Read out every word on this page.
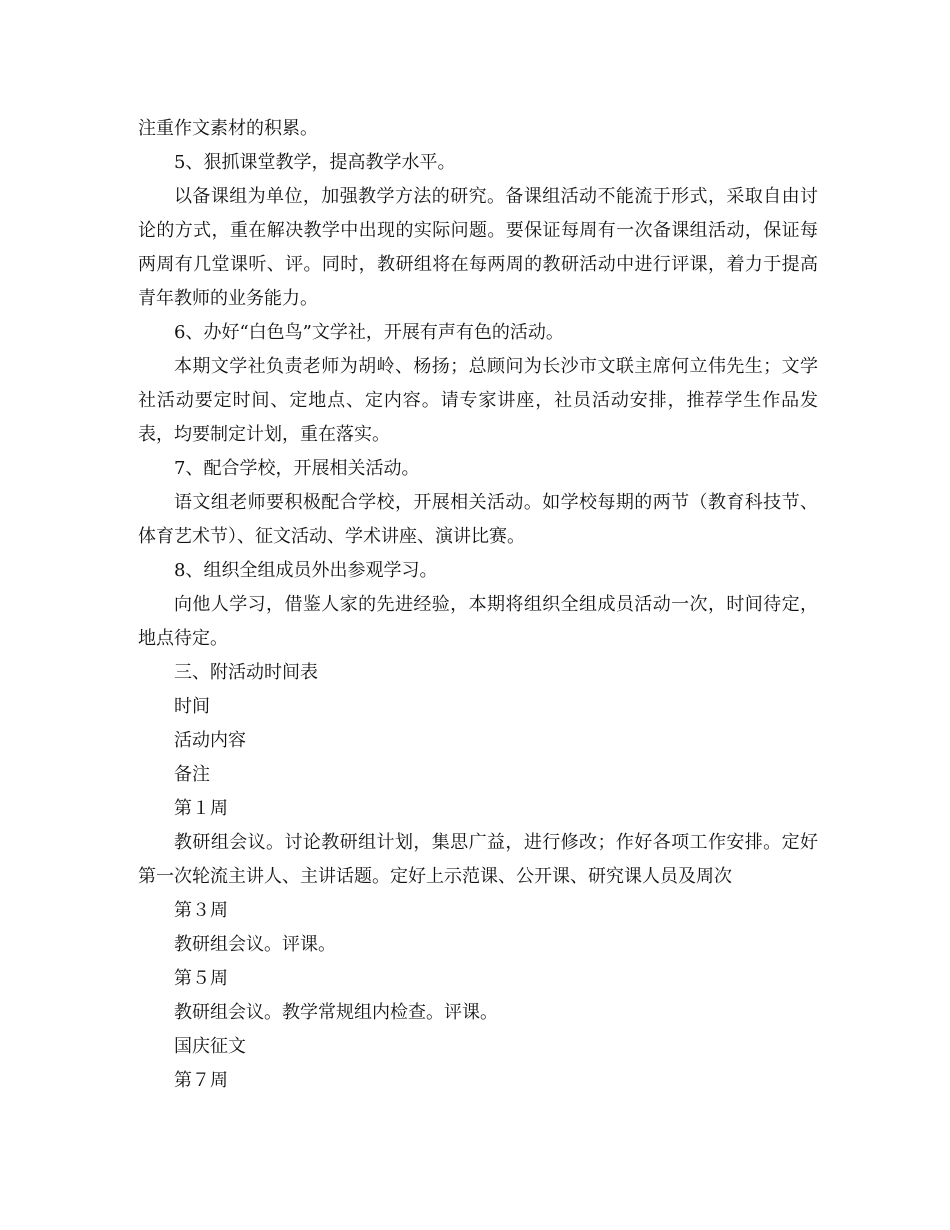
注重作文素材的积累。

5、狠抓课堂教学，提高教学水平。

以备课组为单位，加强教学方法的研究。备课组活动不能流于形式，采取自由讨论的方式，重在解决教学中出现的实际问题。要保证每周有一次备课组活动，保证每两周有几堂课听、评。同时，教研组将在每两周的教研活动中进行评课，着力于提高青年教师的业务能力。

6、办好“白色鸟”文学社，开展有声有色的活动。

本期文学社负责老师为胡岭、杨扬；总顾问为长沙市文联主席何立伟先生；文学社活动要定时间、定地点、定内容。请专家讲座，社员活动安排，推荐学生作品发表，均要制定计划，重在落实。

7、配合学校，开展相关活动。

语文组老师要积极配合学校，开展相关活动。如学校每期的两节（教育科技节、体育艺术节）、征文活动、学术讲座、演讲比赛。

8、组织全组成员外出参观学习。

向他人学习，借鉴人家的先进经验，本期将组织全组成员活动一次，时间待定，地点待定。

三、附活动时间表

时间

活动内容

备注

第１周

教研组会议。讨论教研组计划，集思广益，进行修改；作好各项工作安排。定好第一次轮流主讲人、主讲话题。定好上示范课、公开课、研究课人员及周次

第３周

教研组会议。评课。

第５周

教研组会议。教学常规组内检查。评课。

国庆征文

第７周
